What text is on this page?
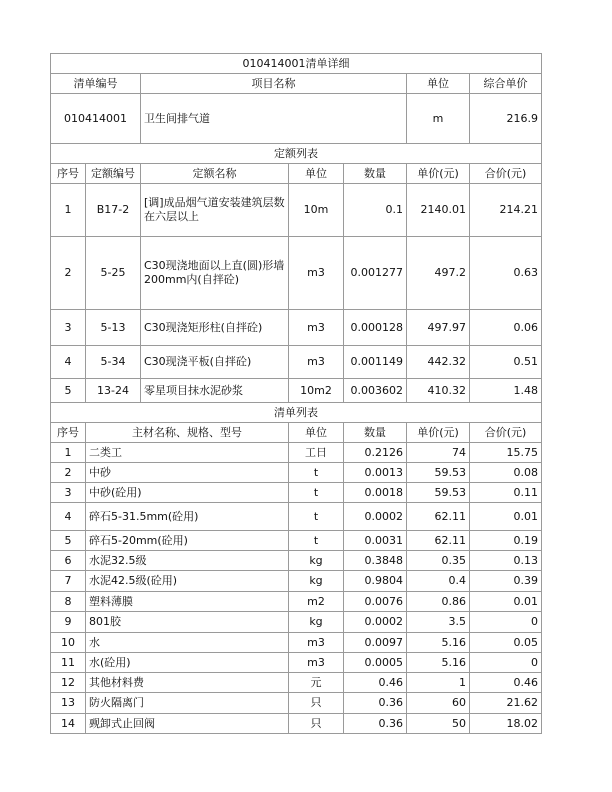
010414001清单详细						
清单编号		项目名称			单位	综合单价
010414001		卫生间排气道			m	216.9
定额列表						
序号	定额编号	定额名称	单位	数量	单价(元)	合价(元)
1	B17-2	[调]成品烟气道安装建筑层数在六层以上	10m	0.1	2140.01	214.21
2	5-25	C30现浇地面以上直(圆)形墙200mm内(自拌砼)	m3	0.001277	497.2	0.63
3	5-13	C30现浇矩形柱(自拌砼)	m3	0.000128	497.97	0.06
4	5-34	C30现浇平板(自拌砼)	m3	0.001149	442.32	0.51
5	13-24	零星项目抹水泥砂浆	10m2	0.003602	410.32	1.48
清单列表						
序号	主材名称、规格、型号		单位	数量	单价(元)	合价(元)
1	二类工		工日	0.2126	74	15.75
2	中砂		t	0.0013	59.53	0.08
3	中砂(砼用)		t	0.0018	59.53	0.11
4	碎石5-31.5mm(砼用)		t	0.0002	62.11	0.01
5	碎石5-20mm(砼用)		t	0.0031	62.11	0.19
6	水泥32.5级		kg	0.3848	0.35	0.13
7	水泥42.5级(砼用)		kg	0.9804	0.4	0.39
8	塑料薄膜		m2	0.0076	0.86	0.01
9	801胶		kg	0.0002	3.5	0
10	水		m3	0.0097	5.16	0.05
11	水(砼用)		m3	0.0005	5.16	0
12	其他材料费		元	0.46	1	0.46
13	防火隔离门		只	0.36	60	21.62
14	觋卸式止回阀		只	0.36	50	18.02
